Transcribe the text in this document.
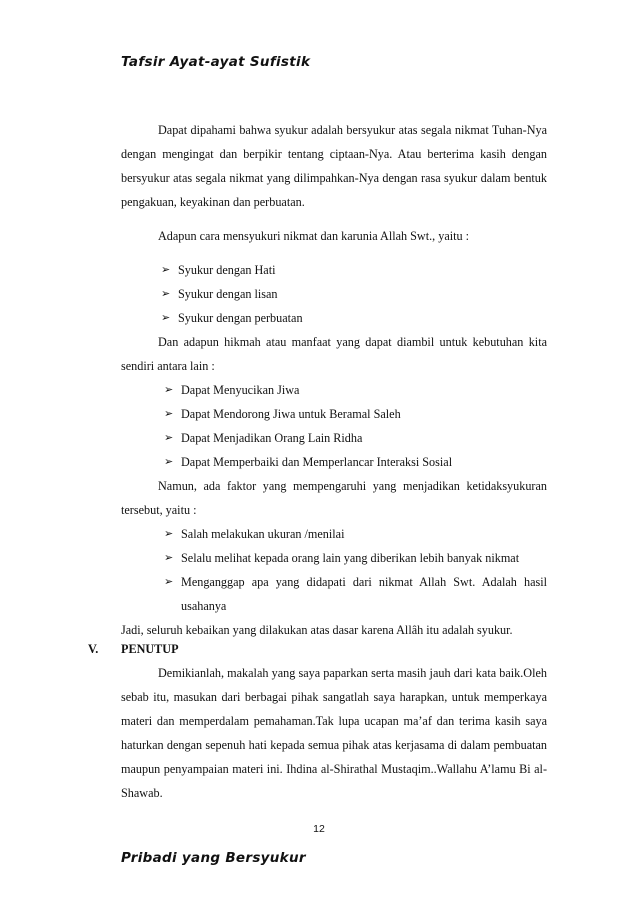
Tafsir Ayat-ayat Sufistik

Dapat dipahami bahwa syukur adalah bersyukur atas segala nikmat Tuhan-Nya dengan mengingat dan berpikir tentang ciptaan-Nya. Atau berterima kasih dengan bersyukur atas segala nikmat yang dilimpahkan-Nya dengan rasa syukur dalam bentuk pengakuan, keyakinan dan perbuatan.

Adapun cara mensyukuri nikmat dan karunia Allah Swt., yaitu :

➢ Syukur dengan Hati
➢ Syukur dengan lisan
➢ Syukur dengan perbuatan

Dan adapun hikmah atau manfaat yang dapat diambil untuk kebutuhan kita sendiri antara lain :

➢ Dapat Menyucikan Jiwa
➢ Dapat Mendorong Jiwa untuk Beramal Saleh
➢ Dapat Menjadikan Orang Lain Ridha
➢ Dapat Memperbaiki dan Memperlancar Interaksi Sosial

Namun, ada faktor yang mempengaruhi yang menjadikan ketidaksyukuran tersebut, yaitu :

➢ Salah melakukan ukuran /menilai
➢ Selalu melihat kepada orang lain yang diberikan lebih banyak nikmat
➢ Menganggap apa yang didapati dari nikmat Allah Swt. Adalah hasil usahanya

Jadi, seluruh kebaikan yang dilakukan atas dasar karena Allâh itu adalah syukur.

V. PENUTUP

Demikianlah, makalah yang saya paparkan serta masih jauh dari kata baik.Oleh sebab itu, masukan dari berbagai pihak sangatlah saya harapkan, untuk memperkaya materi dan memperdalam pemahaman.Tak lupa ucapan ma’af dan terima kasih saya haturkan dengan sepenuh hati kepada semua pihak atas kerjasama di dalam pembuatan maupun penyampaian materi ini. Ihdina al-Shirathal Mustaqim..Wallahu A’lamu Bi al-Shawab.

12
Pribadi yang Bersyukur
